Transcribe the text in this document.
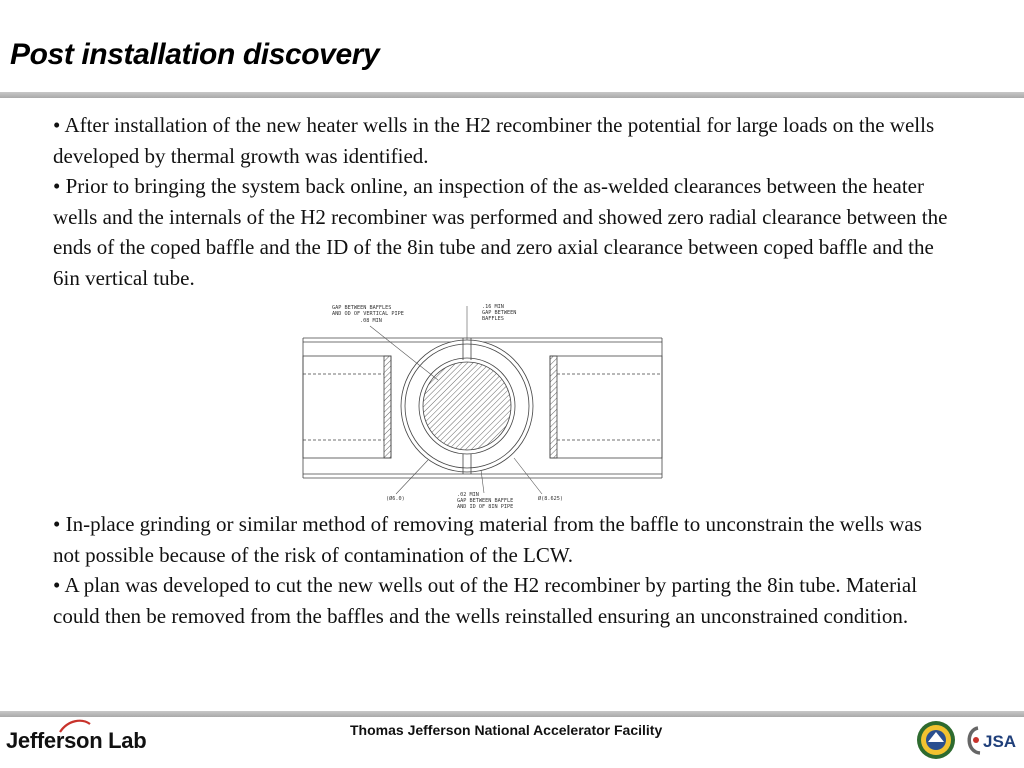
Post installation discovery

• After installation of the new heater wells in the H2 recombiner the potential for large loads on the wells developed by thermal growth was identified.

• Prior to bringing the system back online, an inspection of the as-welded clearances between the heater wells and the internals of the H2 recombiner was performed and showed zero radial clearance between the ends of the coped baffle and the ID of the 8in tube and zero axial clearance between coped baffle and the 6in vertical tube.

GAP BETWEEN BAFFLES
AND OD OF VERTICAL PIPE
.08 MIN
.16 MIN
GAP BETWEEN
BAFFLES
(Ø6.0)
.02 MIN
GAP BETWEEN BAFFLE
AND ID OF 8IN PIPE
Ø(8.625)

• In-place grinding or similar method of removing material from the baffle to unconstrain the wells was not possible because of the risk of contamination of the LCW.

• A plan was developed to cut the new wells out of the H2 recombiner by parting the 8in tube. Material could then be removed from the baffles and the wells reinstalled ensuring an unconstrained condition.

Jefferson Lab	Thomas Jefferson National Accelerator Facility
JSA
